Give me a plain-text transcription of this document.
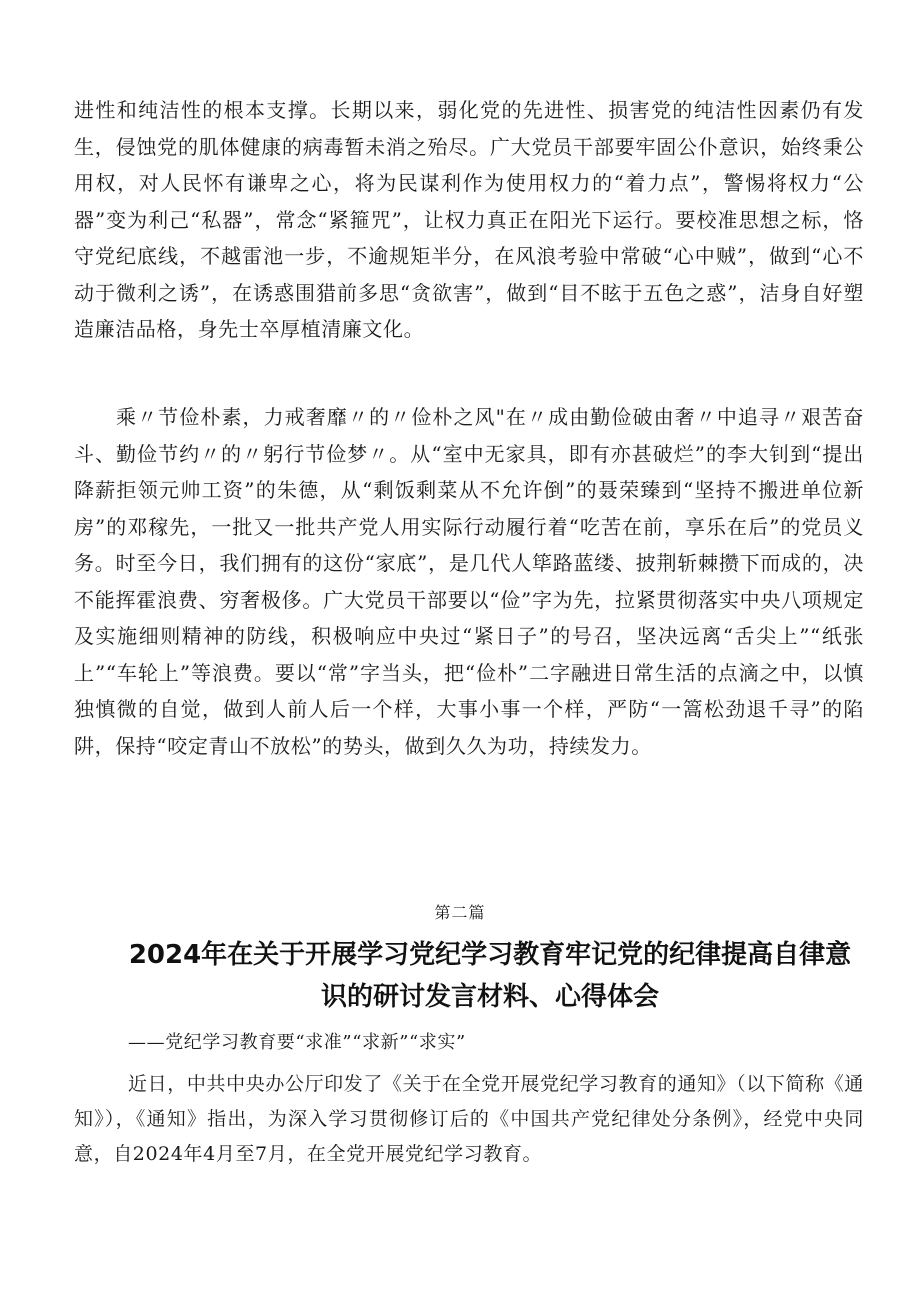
进性和纯洁性的根本支撑。长期以来，弱化党的先进性、损害党的纯洁性因素仍有发生，侵蚀党的肌体健康的病毒暂未消之殆尽。广大党员干部要牢固公仆意识，始终秉公用权，对人民怀有谦卑之心，将为民谋利作为使用权力的“着力点”，警惕将权力“公器”变为利己“私器”，常念“紧箍咒”，让权力真正在阳光下运行。要校准思想之标，恪守党纪底线，不越雷池一步，不逾规矩半分，在风浪考验中常破“心中贼”，做到“心不动于微利之诱”，在诱惑围猎前多思“贪欲害”，做到“目不眩于五色之惑”，洁身自好塑造廉洁品格，身先士卒厚植清廉文化。

乘〃节俭朴素，力戒奢靡〃的〃俭朴之风"在〃成由勤俭破由奢〃中追寻〃艰苦奋斗、勤俭节约〃的〃躬行节俭梦〃。从“室中无家具，即有亦甚破烂”的李大钊到“提出降薪拒领元帅工资”的朱德，从“剩饭剩菜从不允许倒”的聂荣臻到“坚持不搬进单位新房”的邓稼先，一批又一批共产党人用实际行动履行着“吃苦在前，享乐在后”的党员义务。时至今日，我们拥有的这份“家底”，是几代人筚路蓝缕、披荆斩棘攒下而成的，决不能挥霍浪费、穷奢极侈。广大党员干部要以“俭”字为先，拉紧贯彻落实中央八项规定及实施细则精神的防线，积极响应中央过“紧日子”的号召，坚决远离“舌尖上”“纸张上”“车轮上”等浪费。要以“常”字当头，把“俭朴”二字融进日常生活的点滴之中，以慎独慎微的自觉，做到人前人后一个样，大事小事一个样，严防“一篙松劲退千寻”的陷阱，保持“咬定青山不放松”的势头，做到久久为功，持续发力。

第二篇

2024年在关于开展学习党纪学习教育牢记党的纪律提高自律意识的研讨发言材料、心得体会

——党纪学习教育要“求准”“求新”“求实”

近日，中共中央办公厅印发了《关于在全党开展党纪学习教育的通知》（以下简称《通知》），《通知》指出，为深入学习贯彻修订后的《中国共产党纪律处分条例》，经党中央同意，自2024年4月至7月，在全党开展党纪学习教育。
